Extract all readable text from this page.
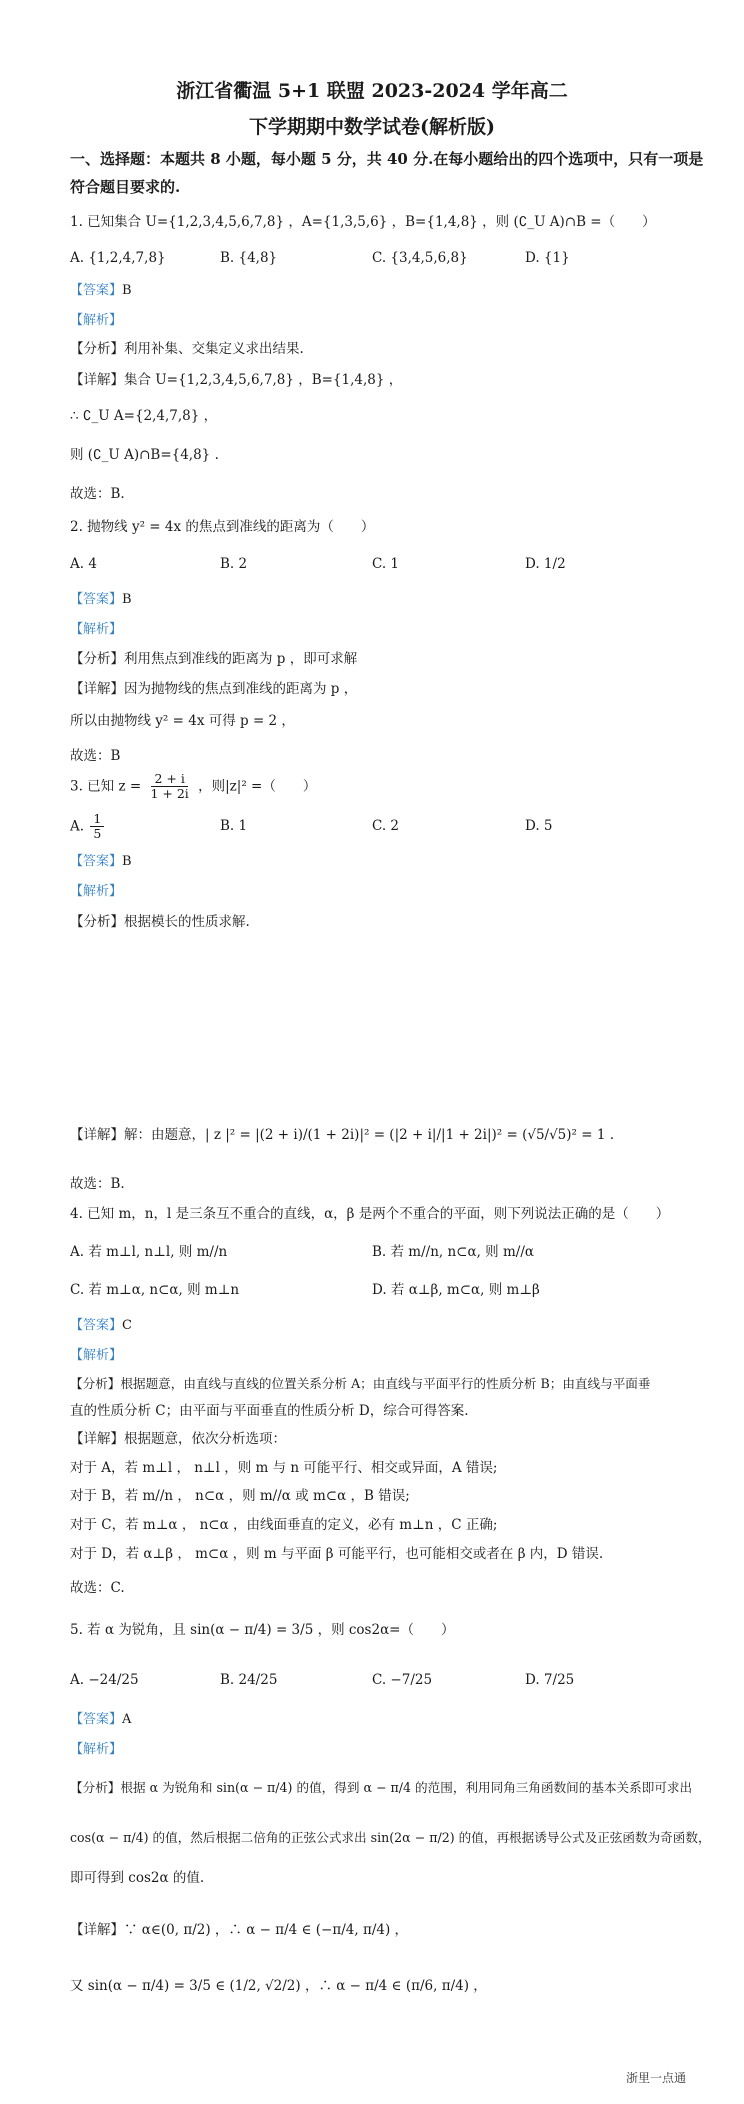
浙江省衢温 5+1 联盟 2023-2024 学年高二
下学期期中数学试卷(解析版)
一、选择题：本题共 8 小题，每小题 5 分，共 40 分.在每小题给出的四个选项中，只有一项是
符合题目要求的.
1. 已知集合 U={1,2,3,4,5,6,7,8} ，A={1,3,5,6} ，B={1,4,8} ，则 (∁_U A)∩B =（　　）
A. {1,2,4,7,8}	B. {4,8}	C. {3,4,5,6,8}	D. {1}
【答案】B
【解析】
【分析】利用补集、交集定义求出结果.
【详解】集合 U={1,2,3,4,5,6,7,8} ，B={1,4,8} ，
∴ ∁_U A={2,4,7,8} ，
则 (∁_U A)∩B={4,8} .
故选：B.
2. 抛物线 y² = 4x 的焦点到准线的距离为（　　）
A. 4	B. 2	C. 1	D. 1/2
【答案】B
【解析】
【分析】利用焦点到准线的距离为 p ，即可求解
【详解】因为抛物线的焦点到准线的距离为 p ，
所以由抛物线 y² = 4x 可得 p = 2 ，
故选：B
3. 已知 $z = \frac{2 + i}{1 + 2i}$ ，则|z|² =（　　）
A. $\frac{1}{5}$	B. 1	C. 2	D. 5
【答案】B
【解析】
【分析】根据模长的性质求解.
【详解】解：由题意，| z |² = |(2 + i)/(1 + 2i)|² = (|2 + i|/|1 + 2i|)² = (√5/√5)² = 1 .
故选：B.
4. 已知 m，n，l 是三条互不重合的直线，α，β 是两个不重合的平面，则下列说法正确的是（　　）
A. 若 m⊥l, n⊥l, 则 m//n	B. 若 m//n, n⊂α, 则 m//α
C. 若 m⊥α, n⊂α, 则 m⊥n	D. 若 α⊥β, m⊂α, 则 m⊥β
【答案】C
【解析】
【分析】根据题意，由直线与直线的位置关系分析 A；由直线与平面平行的性质分析 B；由直线与平面垂
直的性质分析 C；由平面与平面垂直的性质分析 D，综合可得答案.
【详解】根据题意，依次分析选项：
对于 A，若 m⊥l ， n⊥l ，则 m 与 n 可能平行、相交或异面，A 错误;
对于 B，若 m//n ， n⊂α ，则 m//α 或 m⊂α ，B 错误;
对于 C，若 m⊥α ， n⊂α ，由线面垂直的定义，必有 m⊥n ，C 正确;
对于 D，若 α⊥β ， m⊂α ，则 m 与平面 β 可能平行，也可能相交或者在 β 内，D 错误.
故选：C.
5. 若 α 为锐角，且 sin(α − π/4) = 3/5 ，则 cos2α=（　　）
A. −24/25	B. 24/25	C. −7/25	D. 7/25
【答案】A
【解析】
【分析】根据 α 为锐角和 sin(α − π/4) 的值，得到 α − π/4 的范围，利用同角三角函数间的基本关系即可求出
cos(α − π/4) 的值，然后根据二倍角的正弦公式求出 sin(2α − π/2) 的值，再根据诱导公式及正弦函数为奇函数，
即可得到 cos2α 的值.
【详解】∵ α∈(0, π/2) ，∴ α − π/4 ∈ (−π/4, π/4) ，
又 sin(α − π/4) = 3/5 ∈ (1/2, √2/2) ，∴ α − π/4 ∈ (π/6, π/4) ，
浙里一点通
